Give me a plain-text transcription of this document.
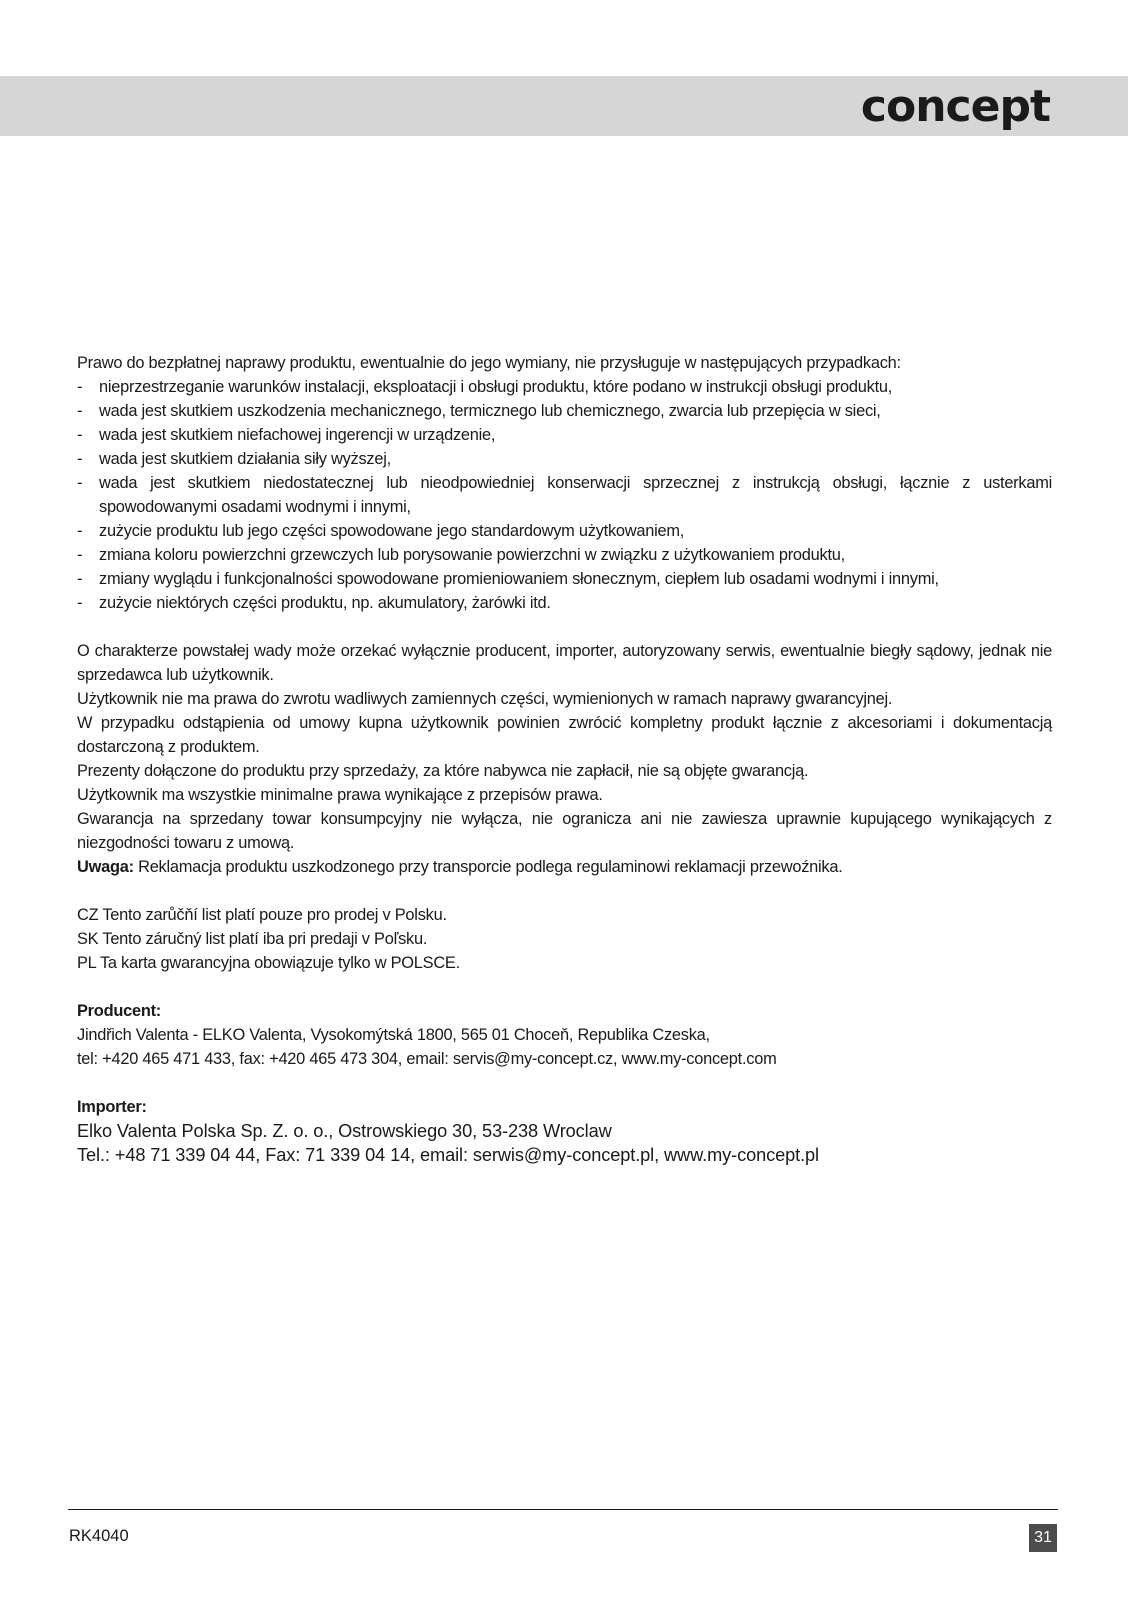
concept

Prawo do bezpłatnej naprawy produktu, ewentualnie do jego wymiany, nie przysługuje w następujących przypadkach:

- nieprzestrzeganie warunków instalacji, eksploatacji i obsługi produktu, które podano w instrukcji obsługi produktu,
- wada jest skutkiem uszkodzenia mechanicznego, termicznego lub chemicznego, zwarcia lub przepięcia w sieci,
- wada jest skutkiem niefachowej ingerencji w urządzenie,
- wada jest skutkiem działania siły wyższej,
- wada jest skutkiem niedostatecznej lub nieodpowiedniej konserwacji sprzecznej z instrukcją obsługi, łącznie z usterkami spowodowanymi osadami wodnymi i innymi,
- zużycie produktu lub jego części spowodowane jego standardowym użytkowaniem,
- zmiana koloru powierzchni grzewczych lub porysowanie powierzchni w związku z użytkowaniem produktu,
- zmiany wyglądu i funkcjonalności spowodowane promieniowaniem słonecznym, ciepłem lub osadami wodnymi i innymi,
- zużycie niektórych części produktu, np. akumulatory, żarówki itd.

O charakterze powstałej wady może orzekać wyłącznie producent, importer, autoryzowany serwis, ewentualnie biegły sądowy, jednak nie sprzedawca lub użytkownik.

Użytkownik nie ma prawa do zwrotu wadliwych zamiennych części, wymienionych w ramach naprawy gwarancyjnej.

W przypadku odstąpienia od umowy kupna użytkownik powinien zwrócić kompletny produkt łącznie z akcesoriami i dokumentacją dostarczoną z produktem.

Prezenty dołączone do produktu przy sprzedaży, za które nabywca nie zapłacił, nie są objęte gwarancją.

Użytkownik ma wszystkie minimalne prawa wynikające z przepisów prawa.

Gwarancja na sprzedany towar konsumpcyjny nie wyłącza, nie ogranicza ani nie zawiesza uprawnie kupującego wynikających z niezgodności towaru z umową.

Uwaga: Reklamacja produktu uszkodzonego przy transporcie podlega regulaminowi reklamacji przewoźnika.

CZ Tento zarůčňí list platí pouze pro prodej v Polsku.

SK Tento záručný list platí iba pri predaji v Poľsku.

PL Ta karta gwarancyjna obowiązuje tylko w POLSCE.

Producent:

Jindřich Valenta - ELKO Valenta, Vysokomýtská 1800, 565 01 Choceň, Republika Czeska,

tel: +420 465 471 433, fax: +420 465 473 304, email: servis@my-concept.cz, www.my-concept.com

Importer:

Elko Valenta Polska Sp. Z. o. o., Ostrowskiego 30, 53-238 Wroclaw

Tel.: +48 71 339 04 44, Fax: 71 339 04 14, email: serwis@my-concept.pl, www.my-concept.pl

RK4040	31
